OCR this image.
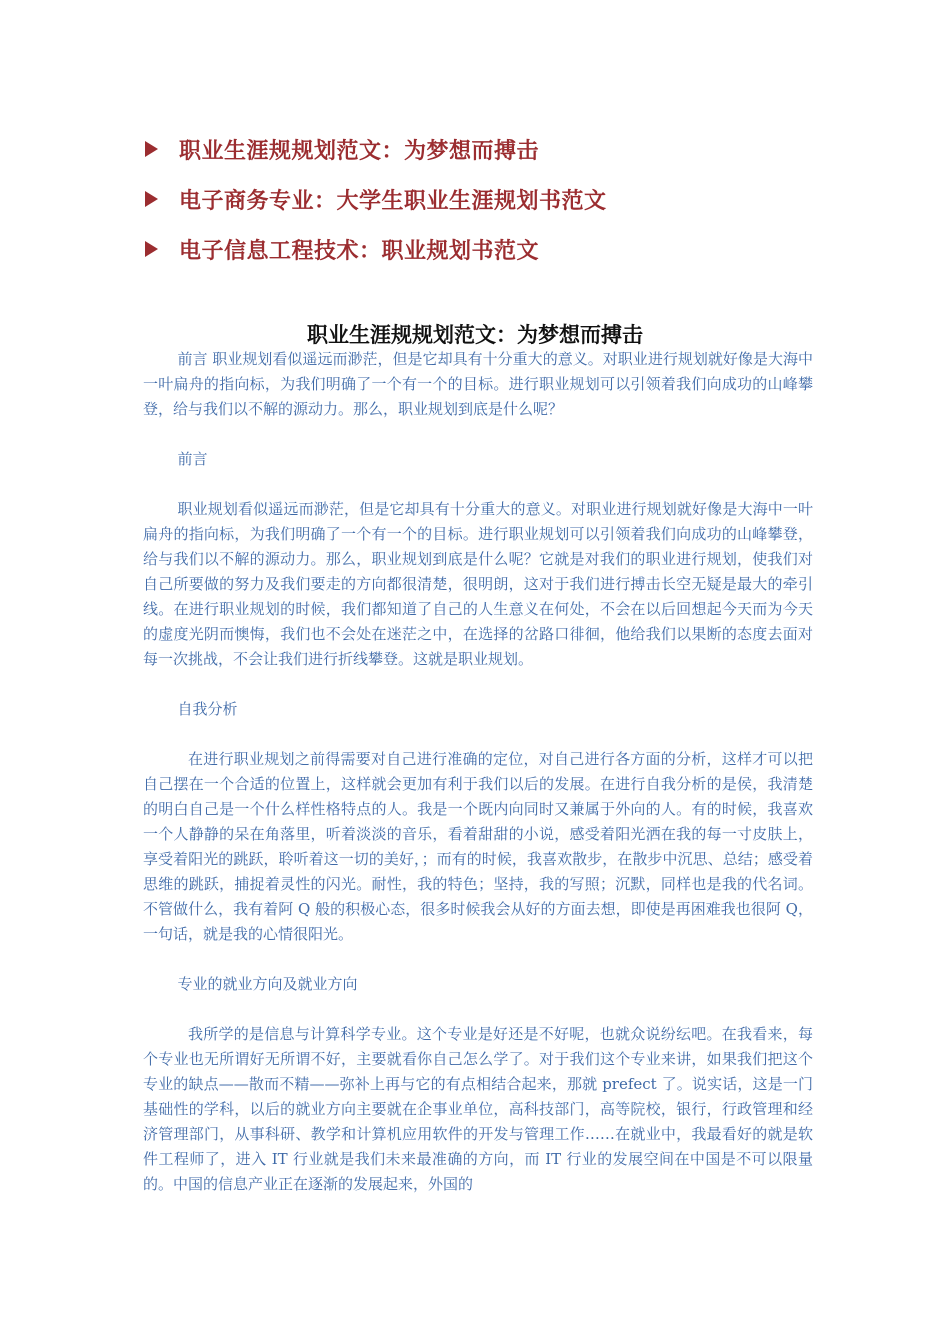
职业生涯规规划范文：为梦想而搏击
电子商务专业：大学生职业生涯规划书范文
电子信息工程技术：职业规划书范文
职业生涯规规划范文：为梦想而搏击

前言 职业规划看似遥远而渺茫，但是它却具有十分重大的意义。对职业进行规划就好像是大海中一叶扁舟的指向标，为我们明确了一个有一个的目标。进行职业规划可以引领着我们向成功的山峰攀登，给与我们以不解的源动力。那么，职业规划到底是什么呢？

前言

职业规划看似遥远而渺茫，但是它却具有十分重大的意义。对职业进行规划就好像是大海中一叶扁舟的指向标，为我们明确了一个有一个的目标。进行职业规划可以引领着我们向成功的山峰攀登，给与我们以不解的源动力。那么，职业规划到底是什么呢？它就是对我们的职业进行规划，使我们对自己所要做的努力及我们要走的方向都很清楚，很明朗，这对于我们进行搏击长空无疑是最大的牵引线。在进行职业规划的时候，我们都知道了自己的人生意义在何处，不会在以后回想起今天而为今天的虚度光阴而懊悔，我们也不会处在迷茫之中，在选择的岔路口徘徊，他给我们以果断的态度去面对每一次挑战，不会让我们进行折线攀登。这就是职业规划。

自我分析

在进行职业规划之前得需要对自己进行准确的定位，对自己进行各方面的分析，这样才可以把自己摆在一个合适的位置上，这样就会更加有利于我们以后的发展。在进行自我分析的是侯，我清楚的明白自己是一个什么样性格特点的人。我是一个既内向同时又兼属于外向的人。有的时候，我喜欢一个人静静的呆在角落里，听着淡淡的音乐，看着甜甜的小说，感受着阳光洒在我的每一寸皮肤上，享受着阳光的跳跃，聆听着这一切的美好，；而有的时候，我喜欢散步，在散步中沉思、总结；感受着思维的跳跃，捕捉着灵性的闪光。耐性，我的特色；坚持，我的写照；沉默，同样也是我的代名词。不管做什么，我有着阿 Q 般的积极心态，很多时候我会从好的方面去想，即使是再困难我也很阿 Q，一句话，就是我的心情很阳光。

专业的就业方向及就业方向

我所学的是信息与计算科学专业。这个专业是好还是不好呢，也就众说纷纭吧。在我看来，每个专业也无所谓好无所谓不好，主要就看你自己怎么学了。对于我们这个专业来讲，如果我们把这个专业的缺点——散而不精——弥补上再与它的有点相结合起来，那就 prefect 了。说实话，这是一门基础性的学科，以后的就业方向主要就在企事业单位，高科技部门，高等院校，银行，行政管理和经济管理部门，从事科研、教学和计算机应用软件的开发与管理工作……在就业中，我最看好的就是软件工程师了，进入 IT 行业就是我们未来最准确的方向，而 IT 行业的发展空间在中国是不可以限量的。中国的信息产业正在逐渐的发展起来，外国的
